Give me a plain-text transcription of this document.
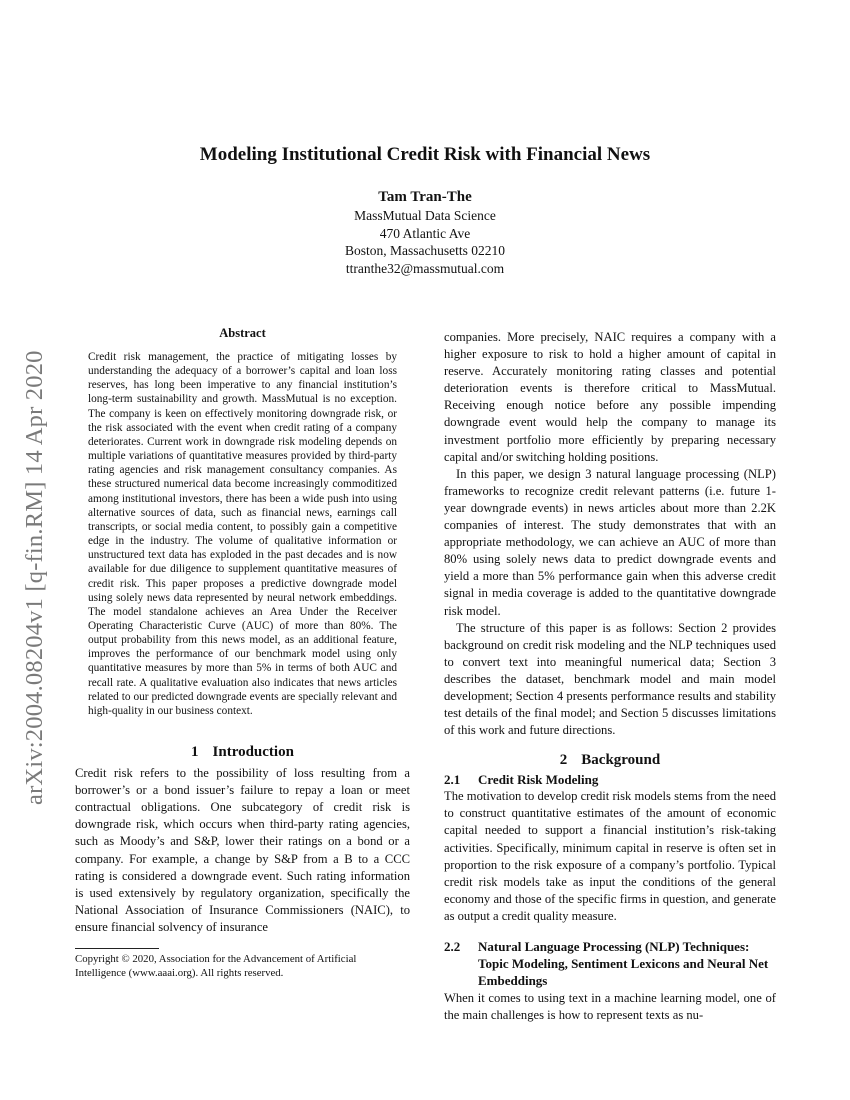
arXiv:2004.08204v1 [q-fin.RM] 14 Apr 2020
Modeling Institutional Credit Risk with Financial News
Tam Tran-The
MassMutual Data Science
470 Atlantic Ave
Boston, Massachusetts 02210
ttranthe32@massmutual.com
Abstract

Credit risk management, the practice of mitigating losses by understanding the adequacy of a borrower’s capital and loan loss reserves, has long been imperative to any financial institution’s long-term sustainability and growth. MassMutual is no exception. The company is keen on effectively monitoring downgrade risk, or the risk associated with the event when credit rating of a company deteriorates. Current work in downgrade risk modeling depends on multiple variations of quantitative measures provided by third-party rating agencies and risk management consultancy companies. As these structured numerical data become increasingly commoditized among institutional investors, there has been a wide push into using alternative sources of data, such as financial news, earnings call transcripts, or social media content, to possibly gain a competitive edge in the industry. The volume of qualitative information or unstructured text data has exploded in the past decades and is now available for due diligence to supplement quantitative measures of credit risk. This paper proposes a predictive downgrade model using solely news data represented by neural network embeddings. The model standalone achieves an Area Under the Receiver Operating Characteristic Curve (AUC) of more than 80%. The output probability from this news model, as an additional feature, improves the performance of our benchmark model using only quantitative measures by more than 5% in terms of both AUC and recall rate. A qualitative evaluation also indicates that news articles related to our predicted downgrade events are specially relevant and high-quality in our business context.

1 Introduction

Credit risk refers to the possibility of loss resulting from a borrower’s or a bond issuer’s failure to repay a loan or meet contractual obligations. One subcategory of credit risk is downgrade risk, which occurs when third-party rating agencies, such as Moody’s and S&P, lower their ratings on a bond or a company. For example, a change by S&P from a B to a CCC rating is considered a downgrade event. Such rating information is used extensively by regulatory organization, specifically the National Association of Insurance Commissioners (NAIC), to ensure financial solvency of insurance

Copyright © 2020, Association for the Advancement of Artificial Intelligence (www.aaai.org). All rights reserved.

companies. More precisely, NAIC requires a company with a higher exposure to risk to hold a higher amount of capital in reserve. Accurately monitoring rating classes and potential deterioration events is therefore critical to MassMutual. Receiving enough notice before any possible impending downgrade event would help the company to manage its investment portfolio more efficiently by preparing necessary capital and/or switching holding positions.

In this paper, we design 3 natural language processing (NLP) frameworks to recognize credit relevant patterns (i.e. future 1-year downgrade events) in news articles about more than 2.2K companies of interest. The study demonstrates that with an appropriate methodology, we can achieve an AUC of more than 80% using solely news data to predict downgrade events and yield a more than 5% performance gain when this adverse credit signal in media coverage is added to the quantitative downgrade risk model.

The structure of this paper is as follows: Section 2 provides background on credit risk modeling and the NLP techniques used to convert text into meaningful numerical data; Section 3 describes the dataset, benchmark model and main model development; Section 4 presents performance results and stability test details of the final model; and Section 5 discusses limitations of this work and future directions.

2 Background
2.1	Credit Risk Modeling

The motivation to develop credit risk models stems from the need to construct quantitative estimates of the amount of economic capital needed to support a financial institution’s risk-taking activities. Specifically, minimum capital in reserve is often set in proportion to the risk exposure of a company’s portfolio. Typical credit risk models take as input the conditions of the general economy and those of the specific firms in question, and generate as output a credit quality measure.

2.2	Natural Language Processing (NLP) Techniques: Topic Modeling, Sentiment Lexicons and Neural Net Embeddings

When it comes to using text in a machine learning model, one of the main challenges is how to represent texts as nu-
